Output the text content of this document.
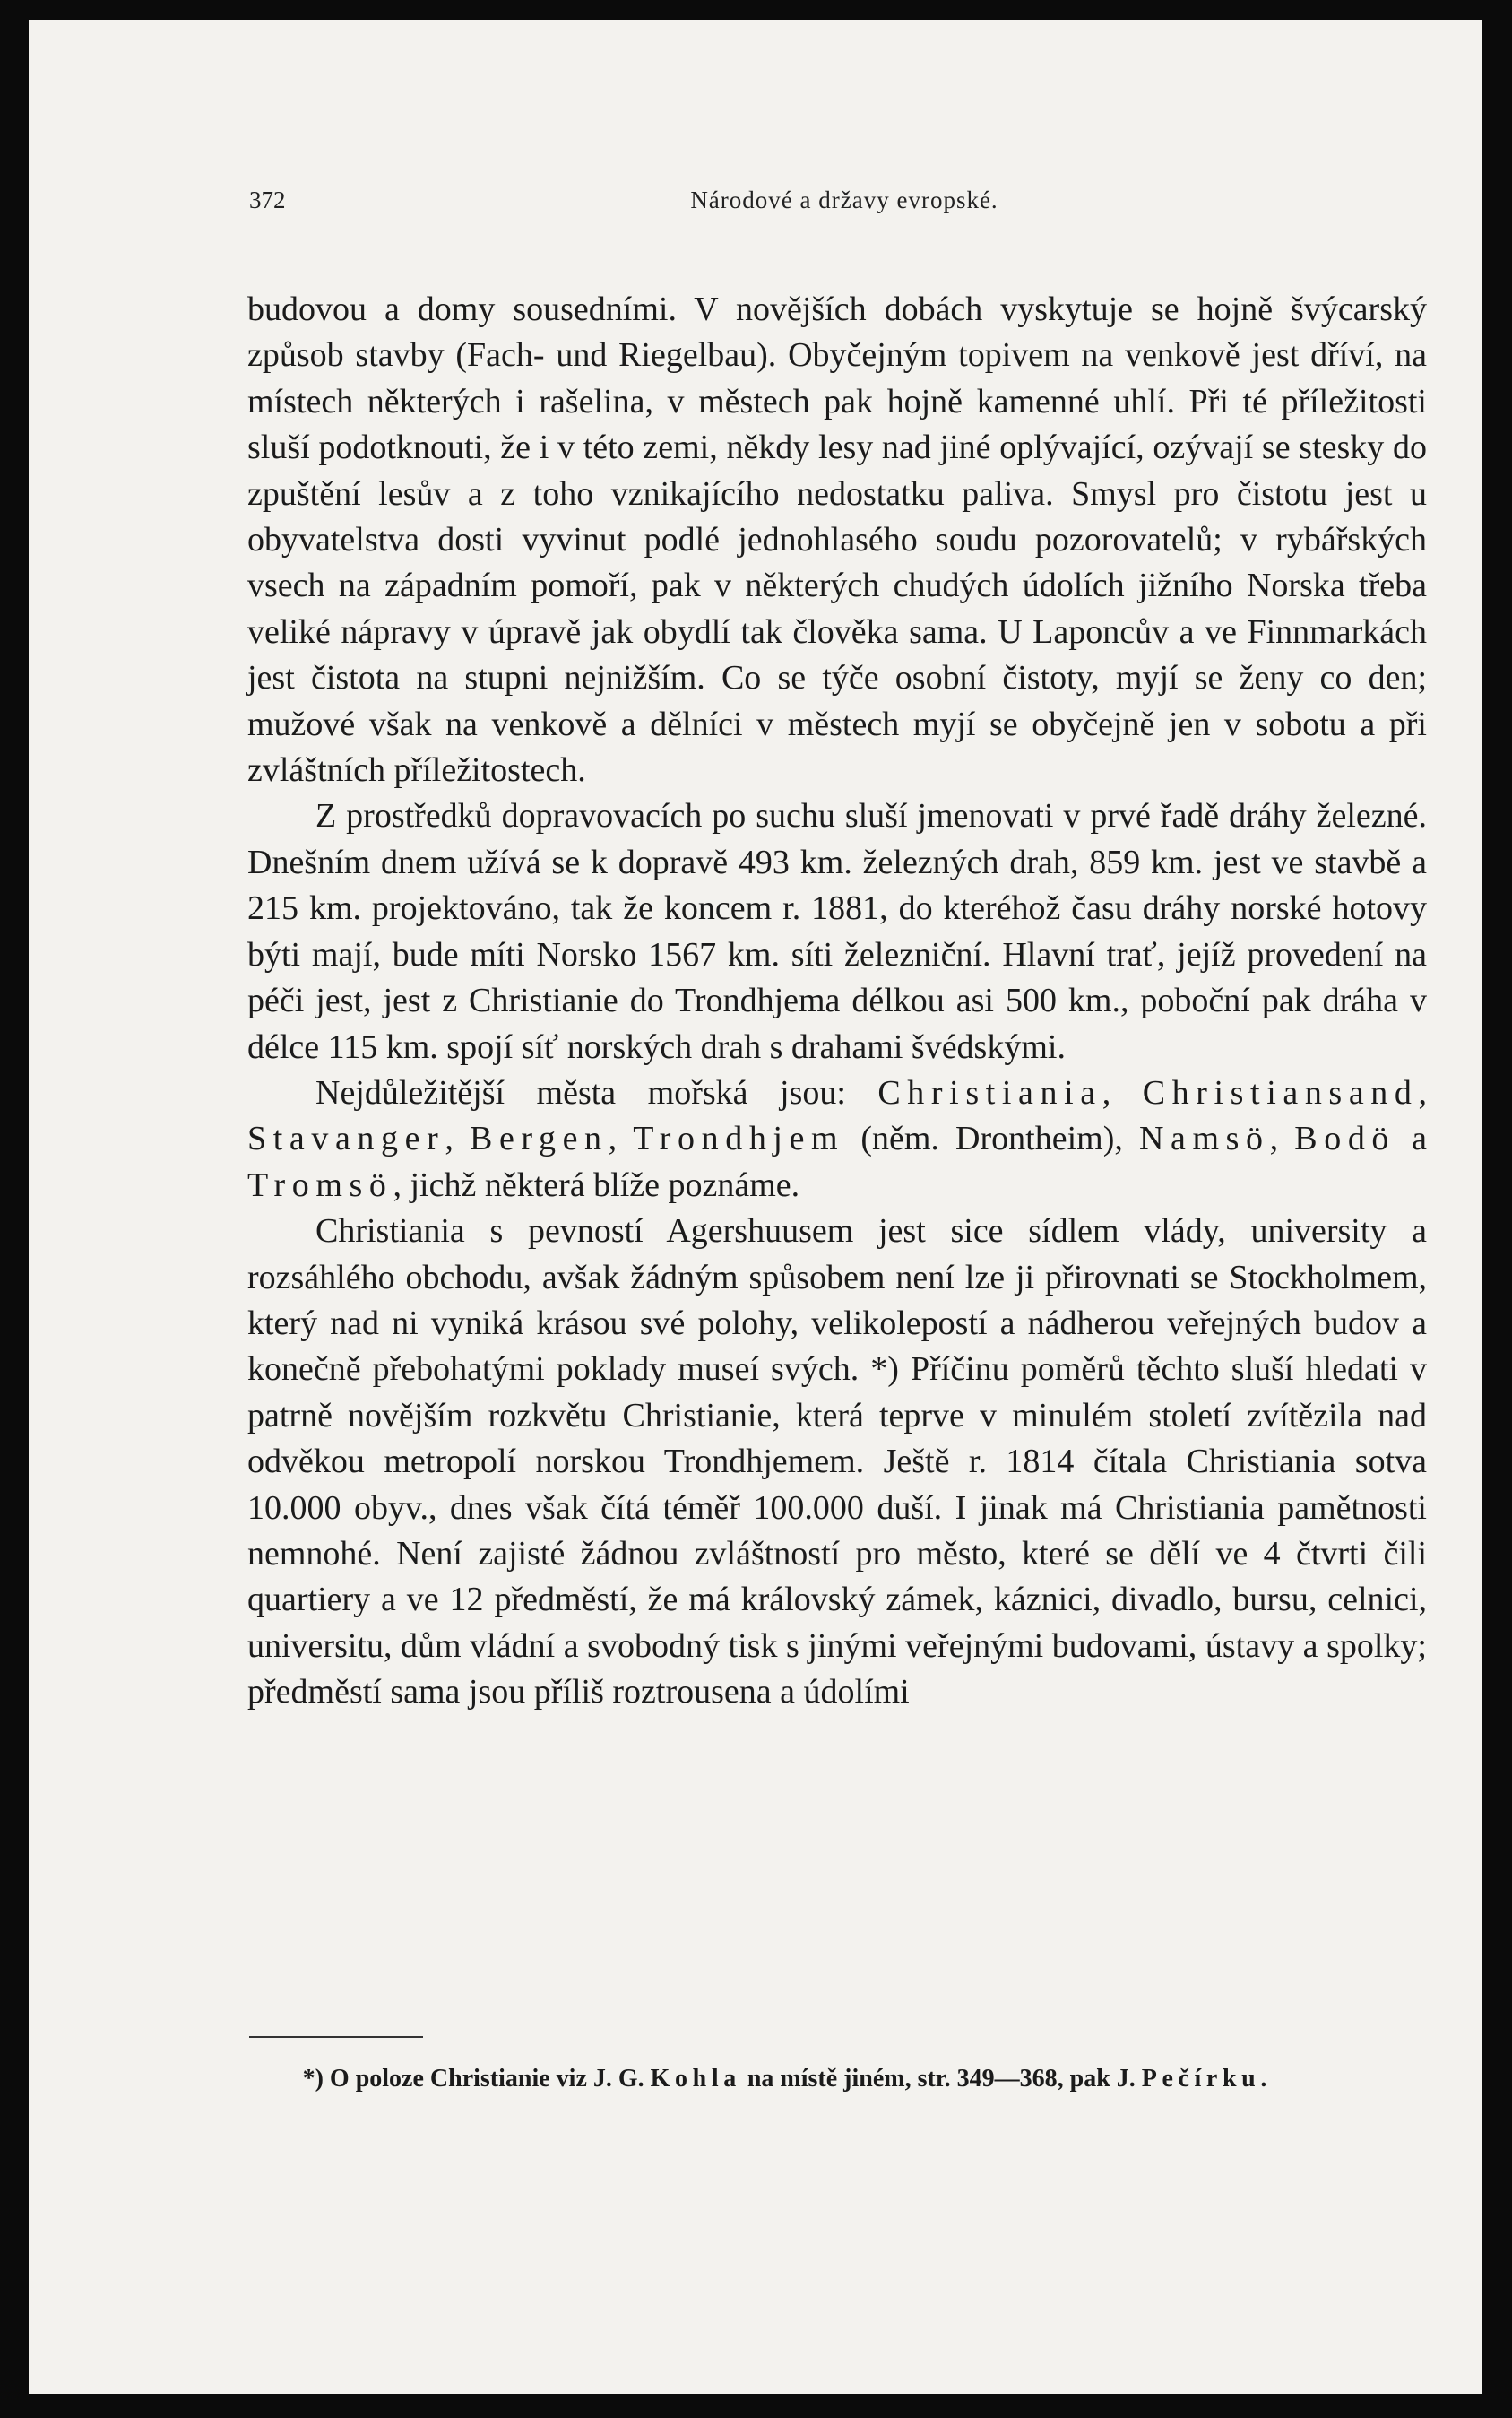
372	Národové a državy evropské.

budovou a domy sousedními. V novějších dobách vyskytuje se hojně švýcarský způsob stavby (Fach- und Riegelbau). Obyčejným topivem na venkově jest dříví, na místech některých i rašelina, v městech pak hojně kamenné uhlí. Při té příležitosti sluší podotknouti, že i v této zemi, někdy lesy nad jiné oplývající, ozývají se stesky do zpuštění lesův a z toho vznikajícího nedostatku paliva. Smysl pro čistotu jest u obyvatelstva dosti vyvinut podlé jednohlasého soudu pozorovatelů; v rybářských vsech na západním pomoří, pak v některých chudých údolích jižního Norska třeba veliké nápravy v úpravě jak obydlí tak člověka sama. U Laponcův a ve Finnmarkách jest čistota na stupni nejnižším. Co se týče osobní čistoty, myjí se ženy co den; mužové však na venkově a dělníci v městech myjí se obyčejně jen v sobotu a při zvláštních příležitostech.

Z prostředků dopravovacích po suchu sluší jmenovati v prvé řadě dráhy železné. Dnešním dnem užívá se k dopravě 493 km. železných drah, 859 km. jest ve stavbě a 215 km. projektováno, tak že koncem r. 1881, do kteréhož času dráhy norské hotovy býti mají, bude míti Norsko 1567 km. síti železniční. Hlavní trať, jejíž provedení na péči jest, jest z Christianie do Trondhjema délkou asi 500 km., poboční pak dráha v délce 115 km. spojí síť norských drah s drahami švédskými.

Nejdůležitější města mořská jsou: Christiania, Christiansand, Stavanger, Bergen, Trondhjem (něm. Drontheim), Namsö, Bodö a Tromsö, jichž některá blíže poznáme.

Christiania s pevností Agershuusem jest sice sídlem vlády, university a rozsáhlého obchodu, avšak žádným spůsobem není lze ji přirovnati se Stockholmem, který nad ni vyniká krásou své polohy, velikolepostí a nádherou veřejných budov a konečně přebohatými poklady museí svých. *) Příčinu poměrů těchto sluší hledati v patrně novějším rozkvětu Christianie, která teprve v minulém století zvítězila nad odvěkou metropolí norskou Trondhjemem. Ještě r. 1814 čítala Christiania sotva 10.000 obyv., dnes však čítá téměř 100.000 duší. I jinak má Christiania pamětnosti nemnohé. Není zajisté žádnou zvláštností pro město, které se dělí ve 4 čtvrti čili quartiery a ve 12 předměstí, že má královský zámek, káznici, divadlo, bursu, celnici, universitu, dům vládní a svobodný tisk s jinými veřejnými budovami, ústavy a spolky; předměstí sama jsou příliš roztrousena a údolími

*) O poloze Christianie viz J. G. Kohla na místě jiném, str. 349—368, pak J. Pečírku.
